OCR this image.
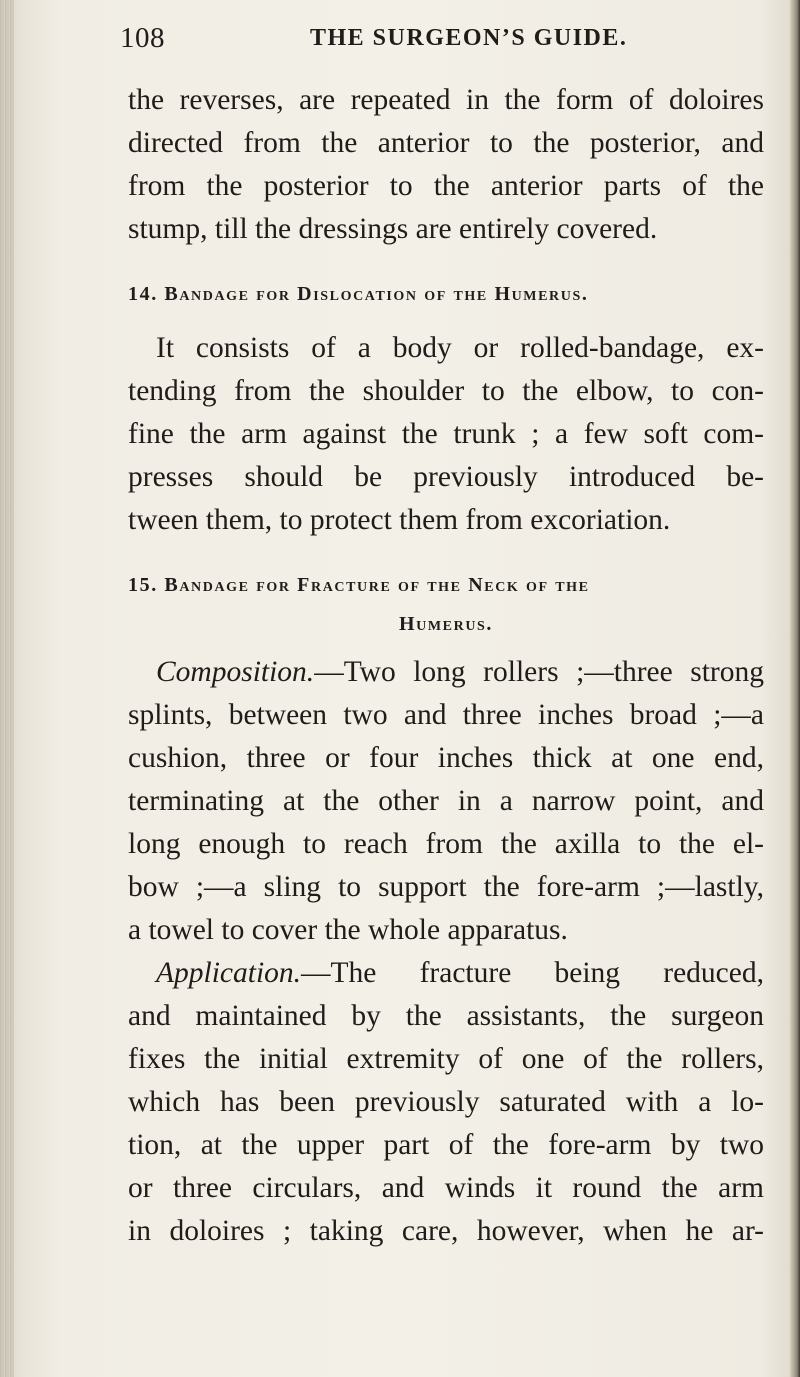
108	THE SURGEON’S GUIDE.
the reverses, are repeated in the form of doloires
directed from the anterior to the posterior, and
from the posterior to the anterior parts of the
stump, till the dressings are entirely covered.
14. Bandage for Dislocation of the Humerus.
It consists of a body or rolled-bandage, ex-
tending from the shoulder to the elbow, to con-
fine the arm against the trunk ; a few soft com-
presses should be previously introduced be-
tween them, to protect them from excoriation.
15. Bandage for Fracture of the Neck of the
Humerus.
Composition.—Two long rollers ;—three strong
splints, between two and three inches broad ;—a
cushion, three or four inches thick at one end,
terminating at the other in a narrow point, and
long enough to reach from the axilla to the el-
bow ;—a sling to support the fore-arm ;—lastly,
a towel to cover the whole apparatus.
Application.—The fracture being reduced,
and maintained by the assistants, the surgeon
fixes the initial extremity of one of the rollers,
which has been previously saturated with a lo-
tion, at the upper part of the fore-arm by two
or three circulars, and winds it round the arm
in doloires ; taking care, however, when he ar-
